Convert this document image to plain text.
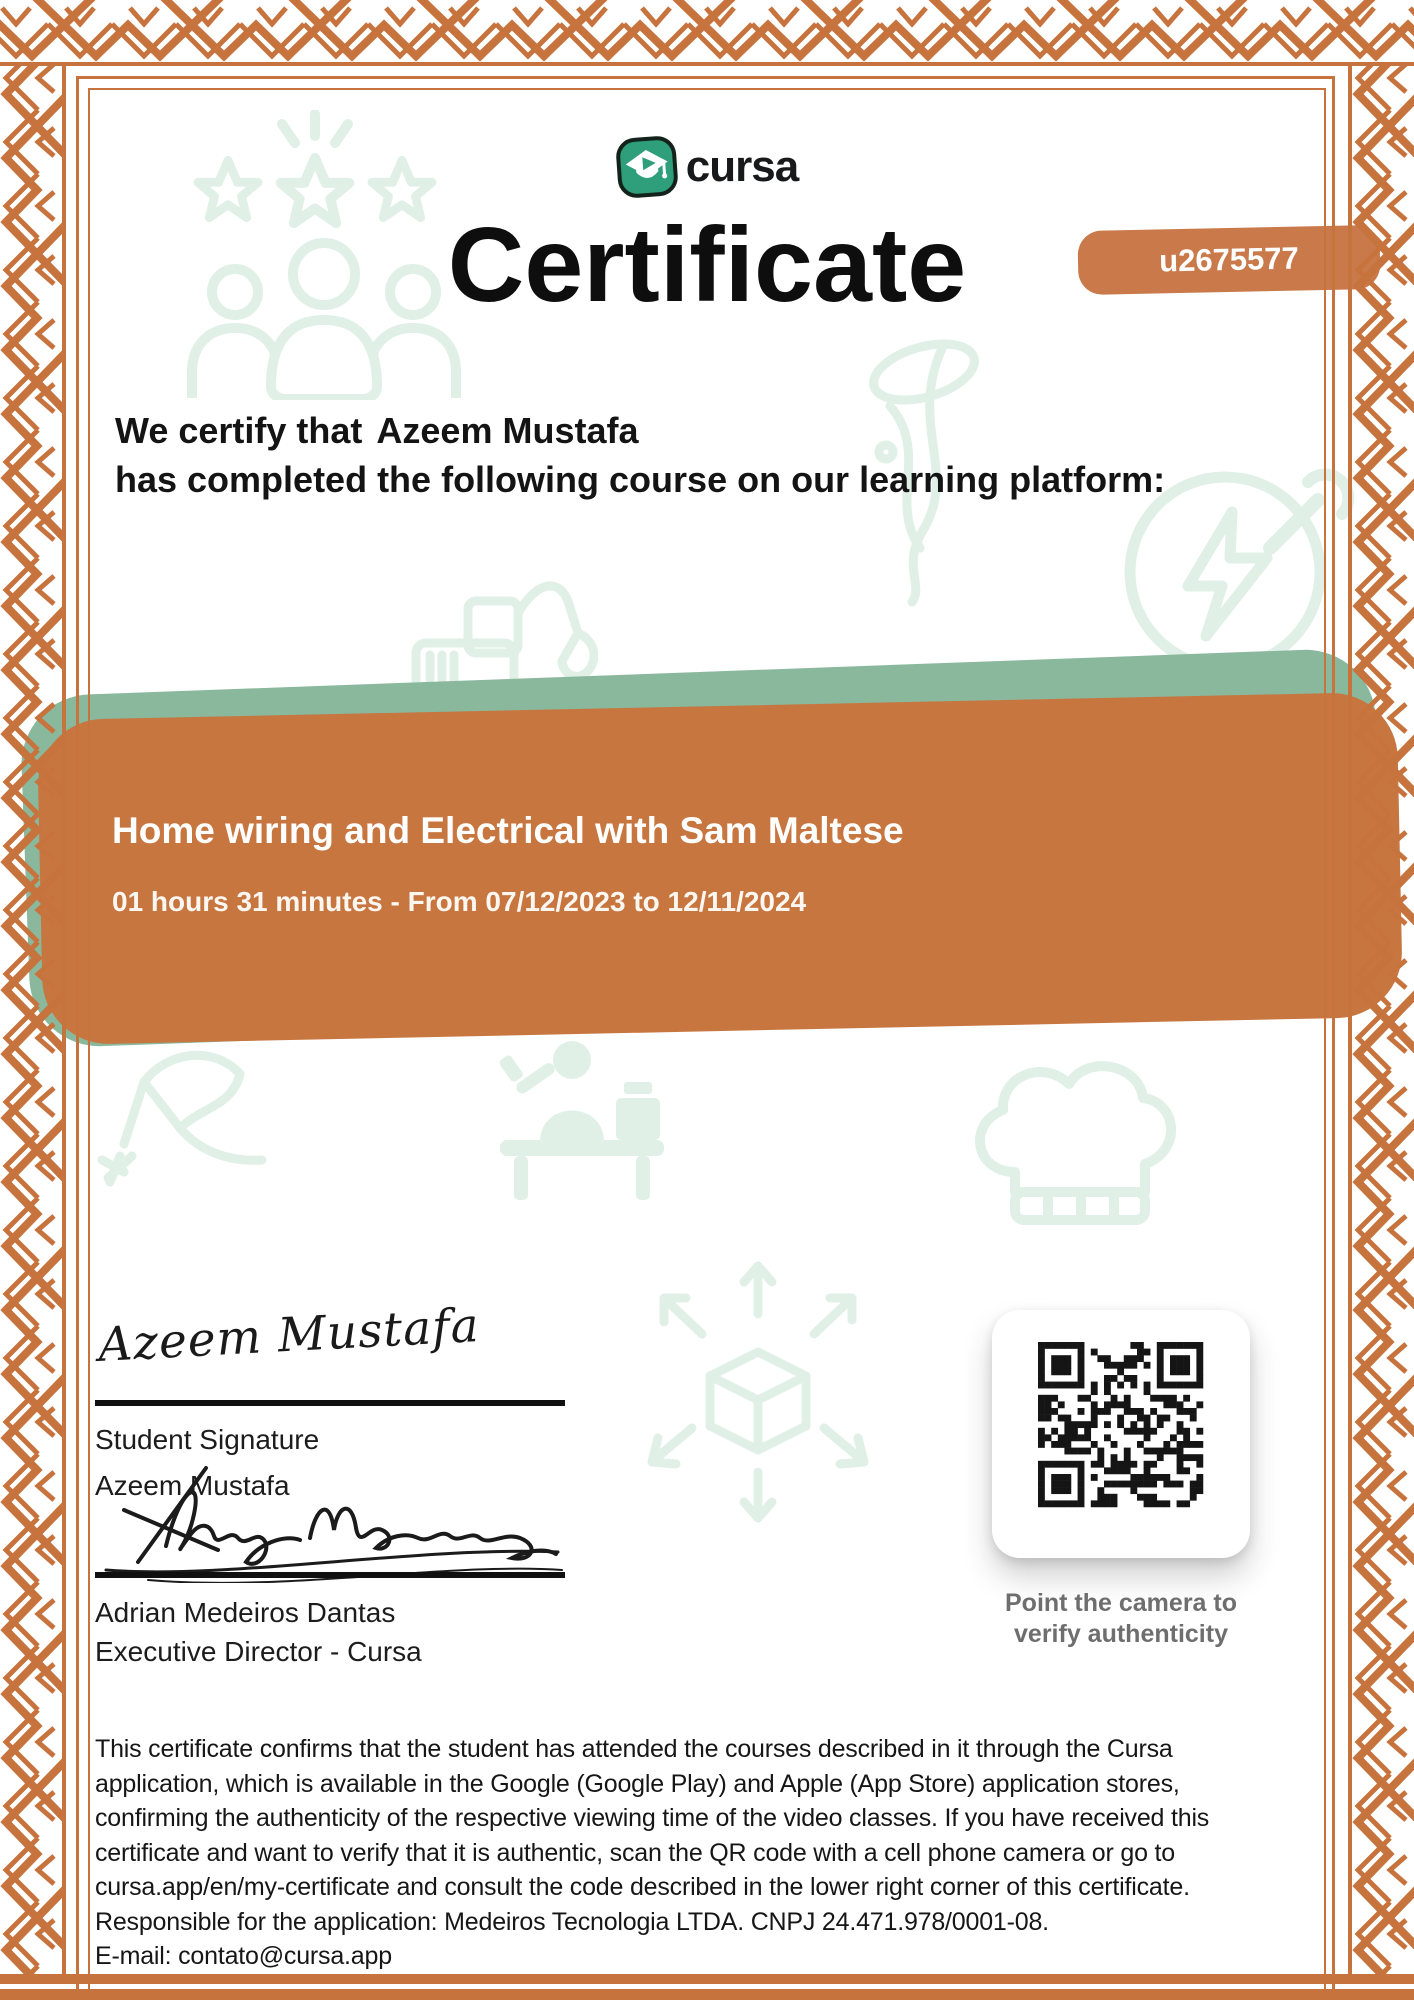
Home wiring and Electrical with Sam Maltese
01 hours 31 minutes - From 07/12/2023 to 12/11/2024
cursa
Certificate	u2675577
We certify that Azeem Mustafa
has completed the following course on our learning platform:
Azeem Mustafa
Student Signature
Azeem Mustafa
Adrian Medeiros Dantas
Executive Director - Cursa
Point the camera to
verify authenticity
This certificate confirms that the student has attended the courses described in it through the Cursa
application, which is available in the Google (Google Play) and Apple (App Store) application stores,
confirming the authenticity of the respective viewing time of the video classes. If you have received this
certificate and want to verify that it is authentic, scan the QR code with a cell phone camera or go to
cursa.app/en/my-certificate and consult the code described in the lower right corner of this certificate.
Responsible for the application: Medeiros Tecnologia LTDA. CNPJ 24.471.978/0001-08.
E-mail: contato@cursa.app
